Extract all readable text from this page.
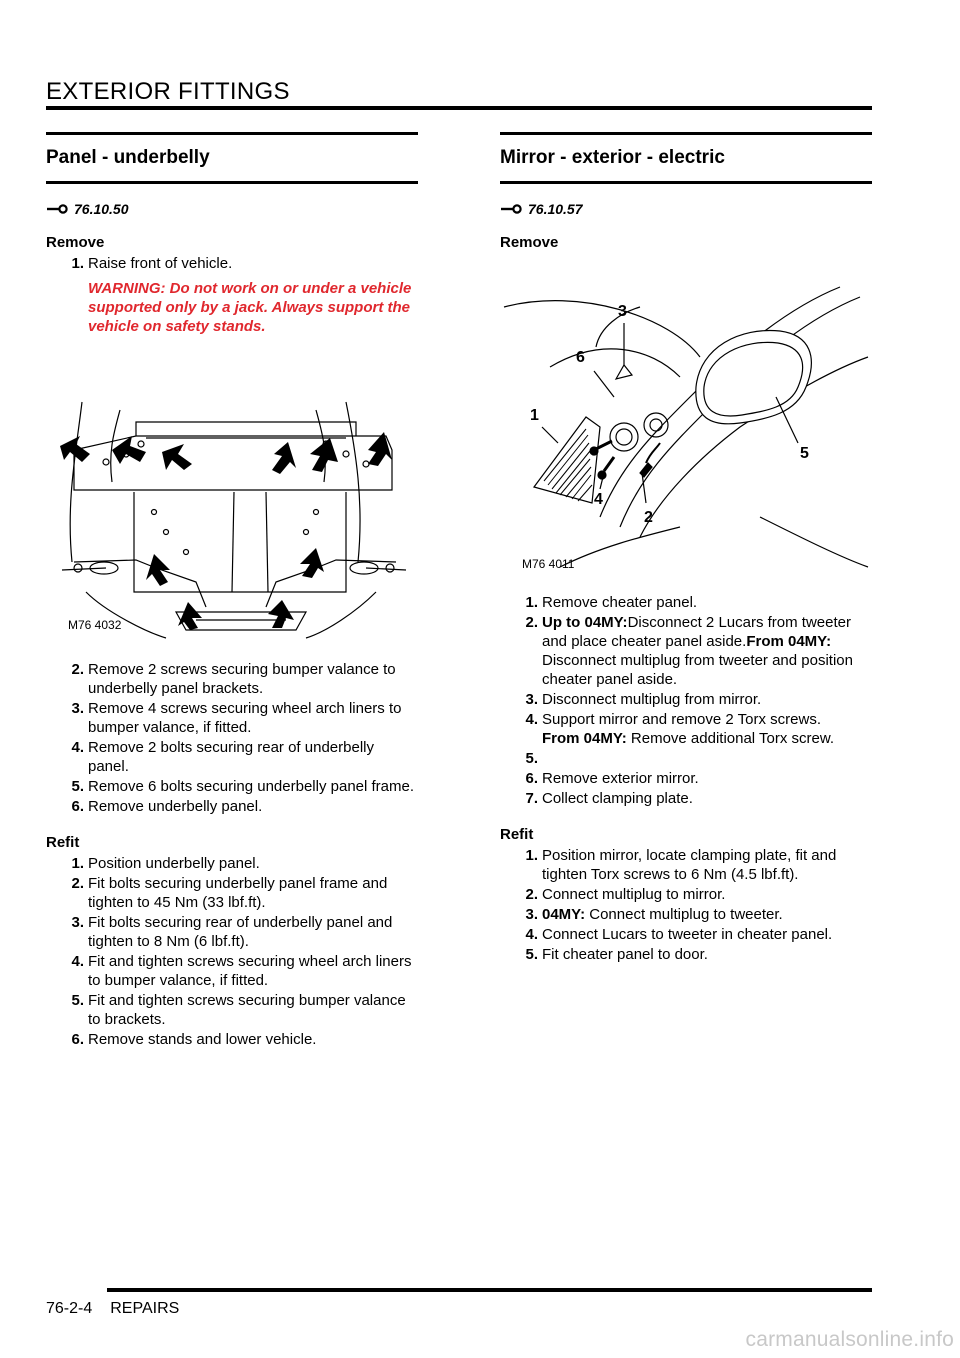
EXTERIOR FITTINGS
Panel - underbelly
76.10.50
Remove
1. Raise front of vehicle.
WARNING: Do not work on or under a vehicle supported only by a jack. Always support the vehicle on safety stands.
M76 4032
2. Remove 2 screws securing bumper valance to underbelly panel brackets.
3. Remove 4 screws securing wheel arch liners to bumper valance, if fitted.
4. Remove 2 bolts securing rear of underbelly panel.
5. Remove 6 bolts securing underbelly panel frame.
6. Remove underbelly panel.
Refit
1. Position underbelly panel.
2. Fit bolts securing underbelly panel frame and tighten to 45 Nm (33 lbf.ft).
3. Fit bolts securing rear of underbelly panel and tighten to 8 Nm (6 lbf.ft).
4. Fit and tighten screws securing wheel arch liners to bumper valance, if fitted.
5. Fit and tighten screws securing bumper valance to brackets.
6. Remove stands and lower vehicle.
Mirror - exterior - electric
76.10.57
Remove
M76 4011
1
2
3
4
5
6
1. Remove cheater panel.
2. Up to 04MY:Disconnect 2 Lucars from tweeter and place cheater panel aside.From 04MY: Disconnect multiplug from tweeter and position cheater panel aside.
3. Disconnect multiplug from mirror.
4. Support mirror and remove 2 Torx screws.
From 04MY: Remove additional Torx screw.
5.
6. Remove exterior mirror.
7. Collect clamping plate.
Refit
1. Position mirror, locate clamping plate, fit and tighten Torx screws to 6 Nm (4.5 lbf.ft).
2. Connect multiplug to mirror.
3. 04MY: Connect multiplug to tweeter.
4. Connect Lucars to tweeter in cheater panel.
5. Fit cheater panel to door.
76-2-4 REPAIRS
carmanualsonline.info
